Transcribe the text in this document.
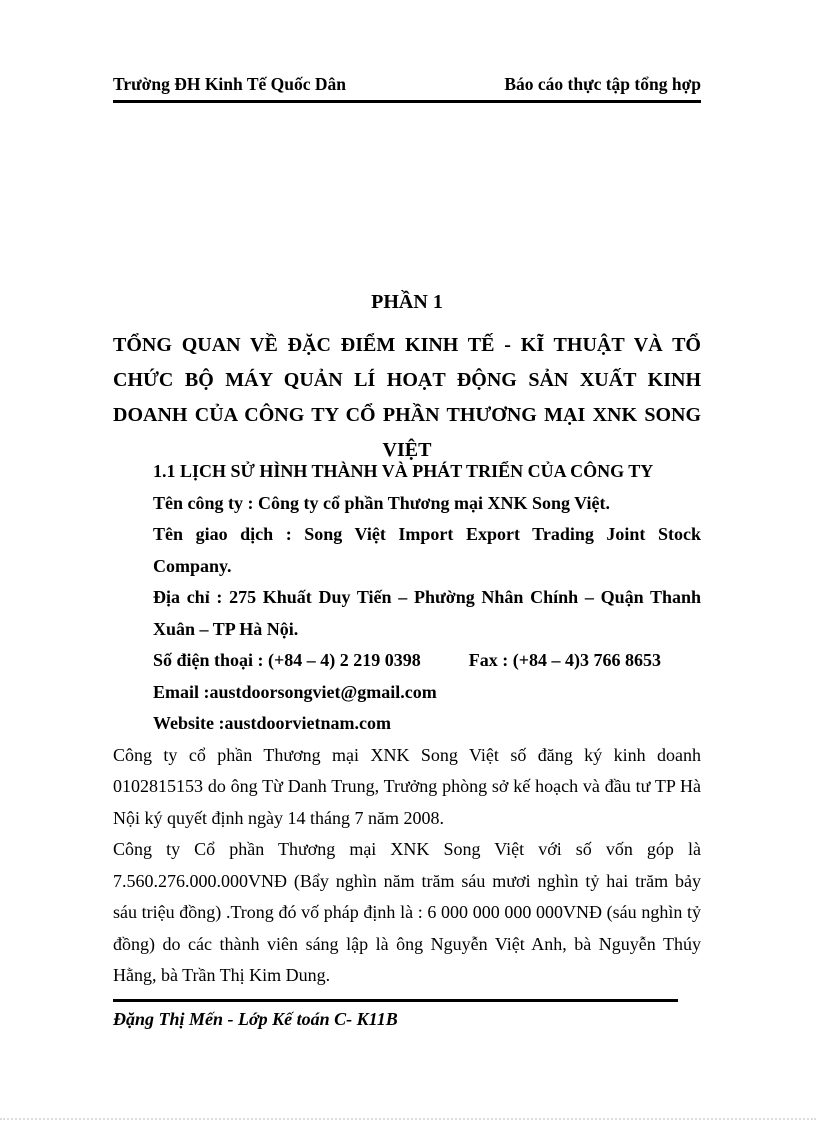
Trường ĐH Kinh Tế Quốc Dân	Báo cáo thực tập tổng hợp
PHẦN 1
TỔNG QUAN VỀ ĐẶC ĐIỂM KINH TẾ - KĨ THUẬT VÀ TỔ CHỨC BỘ MÁY QUẢN LÍ HOẠT ĐỘNG SẢN XUẤT KINH DOANH CỦA CÔNG TY CỔ PHẦN THƯƠNG MẠI XNK SONG VIỆT
1.1 LỊCH SỬ HÌNH THÀNH VÀ PHÁT TRIỂN CỦA CÔNG TY
Tên công ty : Công ty cổ phần Thương mại XNK Song Việt.
Tên giao dịch : Song Việt Import Export Trading Joint Stock Company.
Địa chỉ : 275 Khuất Duy Tiến – Phường Nhân Chính – Quận Thanh Xuân – TP Hà Nội.
Số điện thoại : (+84 – 4) 2 219 0398	Fax : (+84 – 4)3 766 8653
Email :austdoorsongviet@gmail.com
Website :austdoorvietnam.com
Công ty cổ phần Thương mại XNK Song Việt số đăng ký kinh doanh 0102815153 do ông Từ Danh Trung, Trưởng phòng sở kế hoạch và đầu tư TP Hà Nội ký quyết định ngày 14 tháng 7 năm 2008.
Công ty Cổ phần Thương mại XNK Song Việt với số vốn góp là 7.560.276.000.000VNĐ (Bẩy nghìn năm trăm sáu mươi nghìn tỷ hai trăm bảy sáu triệu đồng) .Trong đó vố pháp định là : 6 000 000 000 000VNĐ (sáu nghìn tỷ đồng) do các thành viên sáng lập là ông Nguyễn Việt Anh, bà Nguyễn Thúy Hằng, bà Trần Thị Kim Dung.
Đặng Thị Mến - Lớp Kế toán C- K11B
